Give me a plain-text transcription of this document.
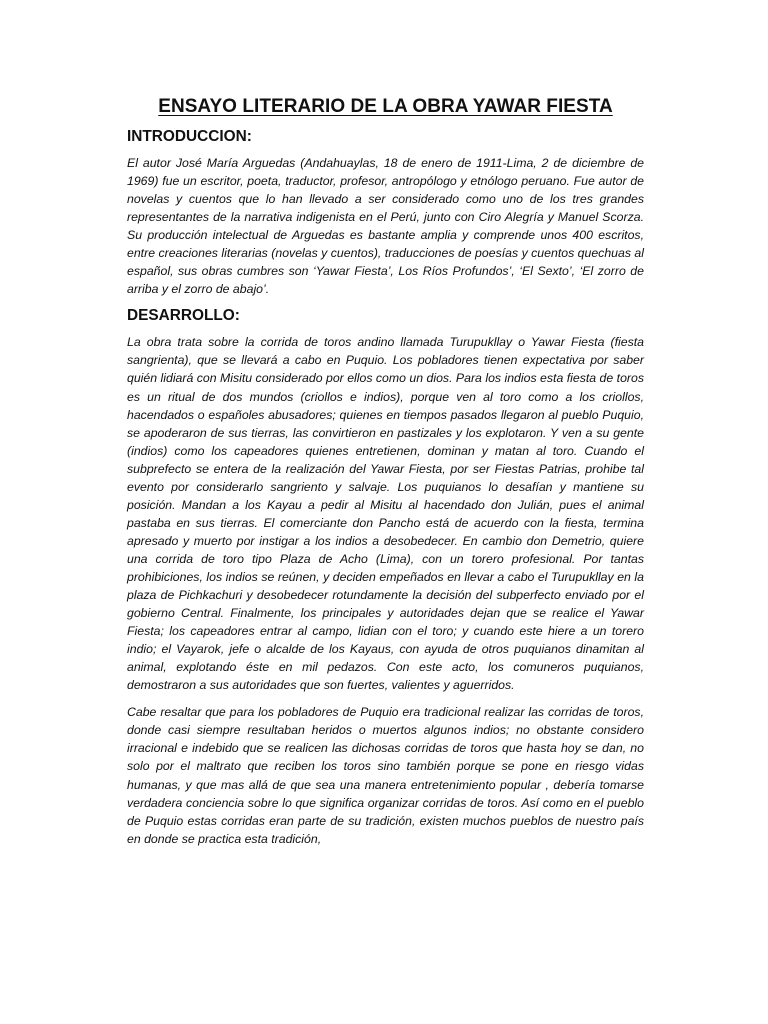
ENSAYO LITERARIO DE LA OBRA YAWAR FIESTA
INTRODUCCION:

El autor José María Arguedas (Andahuaylas, 18 de enero de 1911-Lima, 2 de diciembre de 1969) fue un escritor, poeta, traductor, profesor, antropólogo y etnólogo peruano. Fue autor de novelas y cuentos que lo han llevado a ser considerado como uno de los tres grandes representantes de la narrativa indigenista en el Perú, junto con Ciro Alegría y Manuel Scorza. Su producción intelectual de Arguedas es bastante amplia y comprende unos 400 escritos, entre creaciones literarias (novelas y cuentos), traducciones de poesías y cuentos quechuas al español, sus obras cumbres son ‘Yawar Fiesta’, Los Ríos Profundos’, ‘El Sexto’, ‘El zorro de arriba y el zorro de abajo’.

DESARROLLO:

La obra trata sobre la corrida de toros andino llamada Turupukllay o Yawar Fiesta (fiesta sangrienta), que se llevará a cabo en Puquio. Los pobladores tienen expectativa por saber quién lidiará con Misitu considerado por ellos como un dios. Para los indios esta fiesta de toros es un ritual de dos mundos (criollos e indios), porque ven al toro como a los criollos, hacendados o españoles abusadores; quienes en tiempos pasados llegaron al pueblo Puquio, se apoderaron de sus tierras, las convirtieron en pastizales y los explotaron. Y ven a su gente (indios) como los capeadores quienes entretienen, dominan y matan al toro. Cuando el subprefecto se entera de la realización del Yawar Fiesta, por ser Fiestas Patrias, prohibe tal evento por considerarlo sangriento y salvaje. Los puquianos lo desafían y mantiene su posición. Mandan a los Kayau a pedir al Misitu al hacendado don Julián, pues el animal pastaba en sus tierras. El comerciante don Pancho está de acuerdo con la fiesta, termina apresado y muerto por instigar a los indios a desobedecer. En cambio don Demetrio, quiere una corrida de toro tipo Plaza de Acho (Lima), con un torero profesional. Por tantas prohibiciones, los indios se reúnen, y deciden empeñados en llevar a cabo el Turupukllay en la plaza de Pichkachuri y desobedecer rotundamente la decisión del subperfecto enviado por el gobierno Central. Finalmente, los principales y autoridades dejan que se realice el Yawar Fiesta; los capeadores entrar al campo, lidian con el toro; y cuando este hiere a un torero indio; el Vayarok, jefe o alcalde de los Kayaus, con ayuda de otros puquianos dinamitan al animal, explotando éste en mil pedazos. Con este acto, los comuneros puquianos, demostraron a sus autoridades que son fuertes, valientes y aguerridos.

Cabe resaltar que para los pobladores de Puquio era tradicional realizar las corridas de toros, donde casi siempre resultaban heridos o muertos algunos indios; no obstante considero irracional e indebido que se realicen las dichosas corridas de toros que hasta hoy se dan, no solo por el maltrato que reciben los toros sino también porque se pone en riesgo vidas humanas, y que mas allá de que sea una manera entretenimiento popular , debería tomarse verdadera conciencia sobre lo que significa organizar corridas de toros. Así como en el pueblo de Puquio estas corridas eran parte de su tradición, existen muchos pueblos de nuestro país en donde se practica esta tradición,
